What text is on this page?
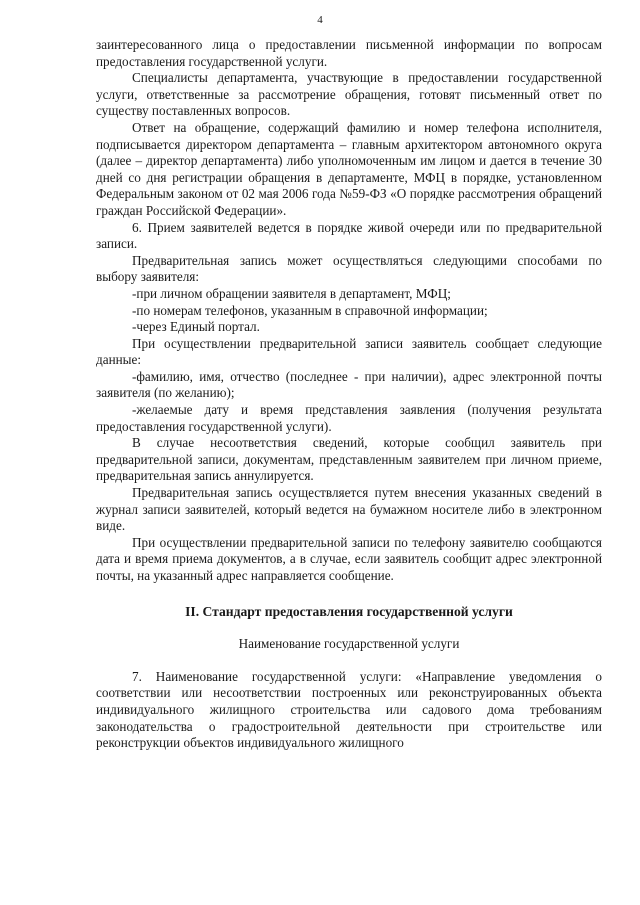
4

заинтересованного лица о предоставлении письменной информации по вопросам предоставления государственной услуги.

Специалисты департамента, участвующие в предоставлении государственной услуги, ответственные за рассмотрение обращения, готовят письменный ответ по существу поставленных вопросов.

Ответ на обращение, содержащий фамилию и номер телефона исполнителя, подписывается директором департамента – главным архитектором автономного округа (далее – директор департамента) либо уполномоченным им лицом и дается в течение 30 дней со дня регистрации обращения в департаменте, МФЦ в порядке, установленном Федеральным законом от 02 мая 2006 года №59-ФЗ «О порядке рассмотрения обращений граждан Российской Федерации».

6. Прием заявителей ведется в порядке живой очереди или по предварительной записи.

Предварительная запись может осуществляться следующими способами по выбору заявителя:

-при личном обращении заявителя в департамент, МФЦ;

-по номерам телефонов, указанным в справочной информации;

-через Единый портал.

При осуществлении предварительной записи заявитель сообщает следующие данные:

-фамилию, имя, отчество (последнее - при наличии), адрес электронной почты заявителя (по желанию);

-желаемые дату и время представления заявления (получения результата предоставления государственной услуги).

В случае несоответствия сведений, которые сообщил заявитель при предварительной записи, документам, представленным заявителем при личном приеме, предварительная запись аннулируется.

Предварительная запись осуществляется путем внесения указанных сведений в журнал записи заявителей, который ведется на бумажном носителе либо в электронном виде.

При осуществлении предварительной записи по телефону заявителю сообщаются дата и время приема документов, а в случае, если заявитель сообщит адрес электронной почты, на указанный адрес направляется сообщение.

II. Стандарт предоставления государственной услуги

Наименование государственной услуги

7. Наименование государственной услуги: «Направление уведомления о соответствии или несоответствии построенных или реконструированных объекта индивидуального жилищного строительства или садового дома требованиям законодательства о градостроительной деятельности при строительстве или реконструкции объектов индивидуального жилищного
